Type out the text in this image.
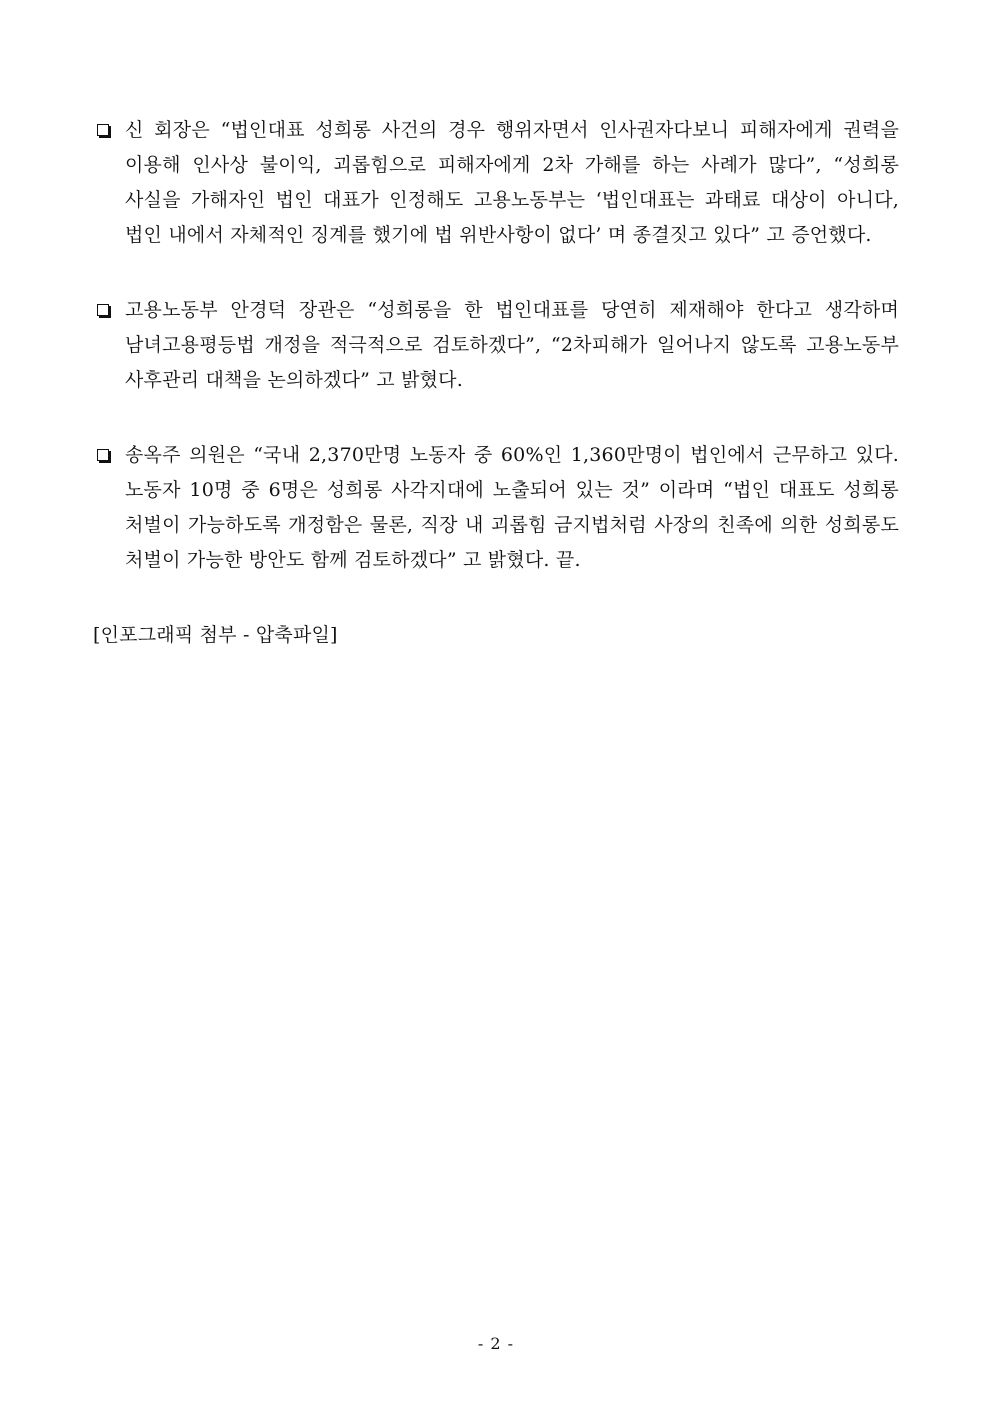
신 회장은 “법인대표 성희롱 사건의 경우 행위자면서 인사권자다보니 피해자에게 권력을 이용해 인사상 불이익, 괴롭힘으로 피해자에게 2차 가해를 하는 사례가 많다”, “성희롱 사실을 가해자인 법인 대표가 인정해도 고용노동부는 ‘법인대표는 과태료 대상이 아니다, 법인 내에서 자체적인 징계를 했기에 법 위반사항이 없다’ 며 종결짓고 있다” 고 증언했다.

고용노동부 안경덕 장관은 “성희롱을 한 법인대표를 당연히 제재해야 한다고 생각하며 남녀고용평등법 개정을 적극적으로 검토하겠다”, “2차피해가 일어나지 않도록 고용노동부 사후관리 대책을 논의하겠다” 고 밝혔다.

송옥주 의원은 “국내 2,370만명 노동자 중 60%인 1,360만명이 법인에서 근무하고 있다. 노동자 10명 중 6명은 성희롱 사각지대에 노출되어 있는 것” 이라며 “법인 대표도 성희롱 처벌이 가능하도록 개정함은 물론, 직장 내 괴롭힘 금지법처럼 사장의 친족에 의한 성희롱도 처벌이 가능한 방안도 함께 검토하겠다” 고 밝혔다. 끝.

[인포그래픽 첨부 - 압축파일]

- 2 -
